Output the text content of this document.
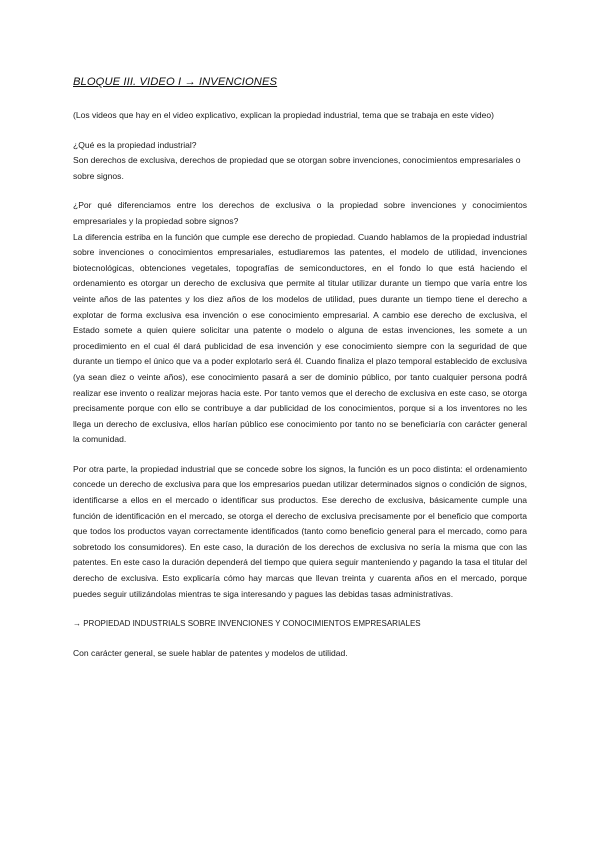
BLOQUE III. VIDEO I → INVENCIONES

(Los videos que hay en el video explicativo, explican la propiedad industrial, tema que se trabaja en este video)

¿Qué es la propiedad industrial?

Son derechos de exclusiva, derechos de propiedad que se otorgan sobre invenciones, conocimientos empresariales o sobre signos.

¿Por qué diferenciamos entre los derechos de exclusiva o la propiedad sobre invenciones y conocimientos empresariales y la propiedad sobre signos?

La diferencia estriba en la función que cumple ese derecho de propiedad. Cuando hablamos de la propiedad industrial sobre invenciones o conocimientos empresariales, estudiaremos las patentes, el modelo de utilidad, invenciones biotecnológicas, obtenciones vegetales, topografías de semiconductores, en el fondo lo que está haciendo el ordenamiento es otorgar un derecho de exclusiva que permite al titular utilizar durante un tiempo que varía entre los veinte años de las patentes y los diez años de los modelos de utilidad, pues durante un tiempo tiene el derecho a explotar de forma exclusiva esa invención o ese conocimiento empresarial. A cambio ese derecho de exclusiva, el Estado somete a quien quiere solicitar una patente o modelo o alguna de estas invenciones, les somete a un procedimiento en el cual él dará publicidad de esa invención y ese conocimiento siempre con la seguridad de que durante un tiempo el único que va a poder explotarlo será él. Cuando finaliza el plazo temporal establecido de exclusiva (ya sean diez o veinte años), ese conocimiento pasará a ser de dominio público, por tanto cualquier persona podrá realizar ese invento o realizar mejoras hacia este. Por tanto vemos que el derecho de exclusiva en este caso, se otorga precisamente porque con ello se contribuye a dar publicidad de los conocimientos, porque si a los inventores no les llega un derecho de exclusiva, ellos harían público ese conocimiento por tanto no se beneficiaría con carácter general la comunidad.

Por otra parte, la propiedad industrial que se concede sobre los signos, la función es un poco distinta: el ordenamiento concede un derecho de exclusiva para que los empresarios puedan utilizar determinados signos o condición de signos, identificarse a ellos en el mercado o identificar sus productos. Ese derecho de exclusiva, básicamente cumple una función de identificación en el mercado, se otorga el derecho de exclusiva precisamente por el beneficio que comporta que todos los productos vayan correctamente identificados (tanto como beneficio general para el mercado, como para sobretodo los consumidores). En este caso, la duración de los derechos de exclusiva no sería la misma que con las patentes. En este caso la duración dependerá del tiempo que quiera seguir manteniendo y pagando la tasa el titular del derecho de exclusiva. Esto explicaría cómo hay marcas que llevan treinta y cuarenta años en el mercado, porque puedes seguir utilizándolas mientras te siga interesando y pagues las debidas tasas administrativas.

→ PROPIEDAD INDUSTRIALS SOBRE INVENCIONES Y CONOCIMIENTOS EMPRESARIALES

Con carácter general, se suele hablar de patentes y modelos de utilidad.
